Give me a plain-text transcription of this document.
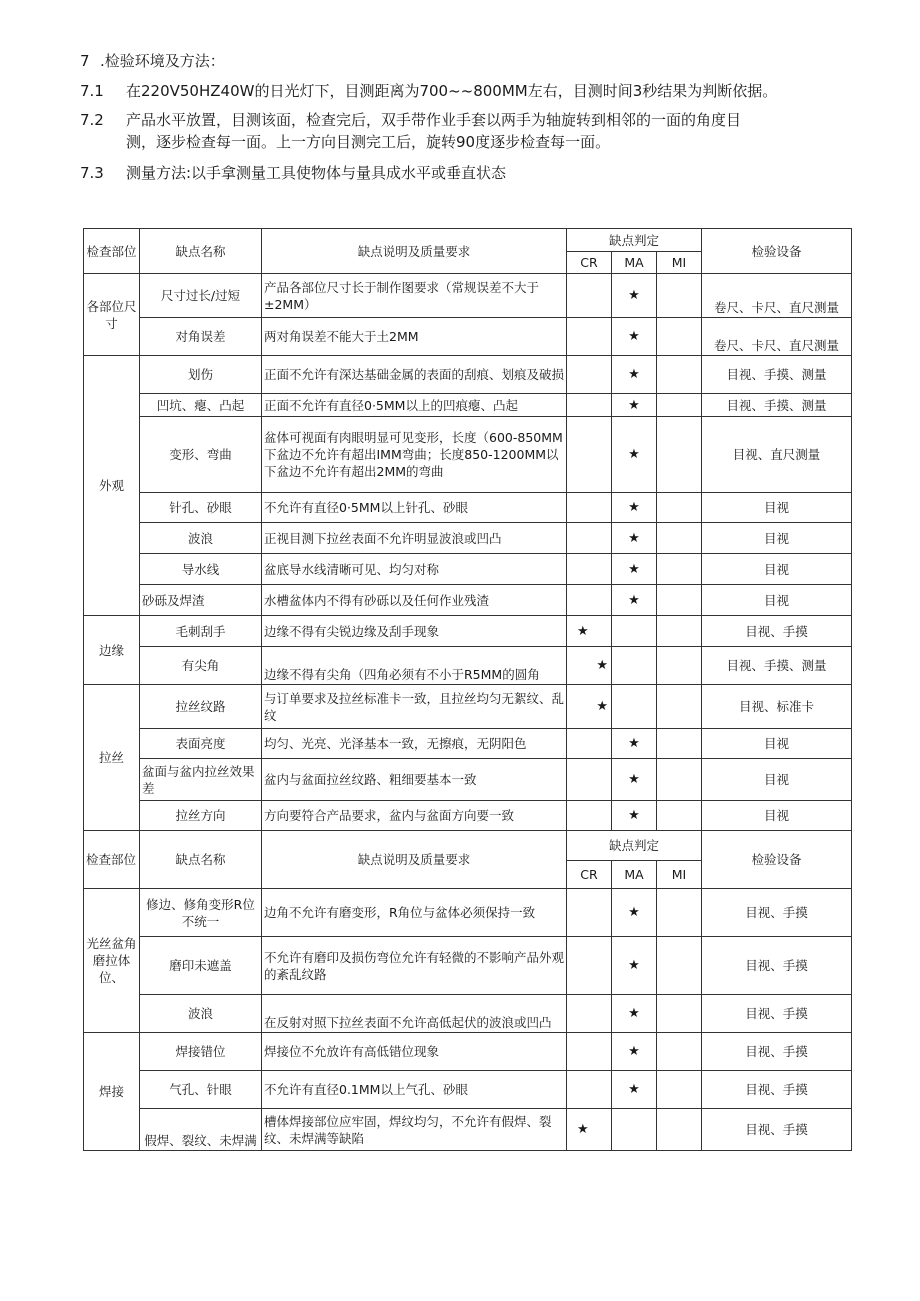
7 .检验环境及方法：
7.1	在220V50HZ40W的日光灯下，目测距离为700~~800MM左右，目测时间3秒结果为判断依据。
7.2	产品水平放置，目测该面，检查完后，双手带作业手套以两手为轴旋转到相邻的一面的角度目
测，逐步检查每一面。上一方向目测完工后，旋转90度逐步检查每一面。
7.3	测量方法:以手拿测量工具使物体与量具成水平或垂直状态
检查部位	缺点名称	缺点说明及质量要求	缺点判定			检验设备
			CR	MA	MI	
各部位尺寸	尺寸过长/过短	产品各部位尺寸长于制作图要求（常规误差不大于±2MM）		★		卷尺、卡尺、直尺测量
	对角误差	两对角误差不能大于土2MM		★		卷尺、卡尺、直尺测量
外观	划伤	正面不允许有深达基础金属的表面的刮痕、划痕及破损		★		目视、手摸、测量
	凹坑、瘪、凸起	正面不允许有直径0·5MM以上的凹痕瘪、凸起		★		目视、手摸、测量
	变形、弯曲	盆体可视面有肉眼明显可见变形，长度（600-850MM下盆边不允许有超出IMM弯曲；长度850-1200MM以下盆边不允许有超出2MM的弯曲		★		目视、直尺测量
	针孔、砂眼	不允许有直径0·5MM以上针孔、砂眼		★		目视
	波浪	正视目测下拉丝表面不允许明显波浪或凹凸		★		目视
	导水线	盆底导水线清晰可见、均匀对称		★		目视
	砂砾及焊渣	水槽盆体内不得有砂砾以及任何作业残渣		★		目视
边缘	毛刺刮手	边缘不得有尖锐边缘及刮手现象	★			目视、手摸
	有尖角	边缘不得有尖角（四角必须有不小于R5MM的圆角	★			目视、手摸、测量
拉丝	拉丝纹路	与订单要求及拉丝标准卡一致，且拉丝均匀无絮纹、乱纹	★			目视、标准卡
	表面亮度	均匀、光亮、光泽基本一致，无擦痕，无阴阳色		★		目视
	盆面与盆内拉丝效果差	盆内与盆面拉丝纹路、粗细要基本一致		★		目视
	拉丝方向	方向要符合产品要求，盆内与盆面方向要一致		★		目视
检查部位	缺点名称	缺点说明及质量要求	缺点判定			检验设备
			CR	MA	MI	
光丝盆角磨拉体位、	修边、修角变形R位不统一	边角不允许有磨变形，R角位与盆体必须保持一致		★		目视、手摸
	磨印未遮盖	不允许有磨印及损伤弯位允许有轻微的不影响产品外观的紊乱纹路		★		目视、手摸
	波浪	在反射对照下拉丝表面不允许高低起伏的波浪或凹凸		★		目视、手摸
焊接	焊接错位	焊接位不允放许有高低错位现象		★		目视、手摸
	气孔、针眼	不允许有直径0.1MM以上气孔、砂眼		★		目视、手摸
	假焊、裂纹、未焊满	槽体焊接部位应牢固，焊纹均匀，不允许有假焊、裂纹、未焊满等缺陷	★			目视、手摸
